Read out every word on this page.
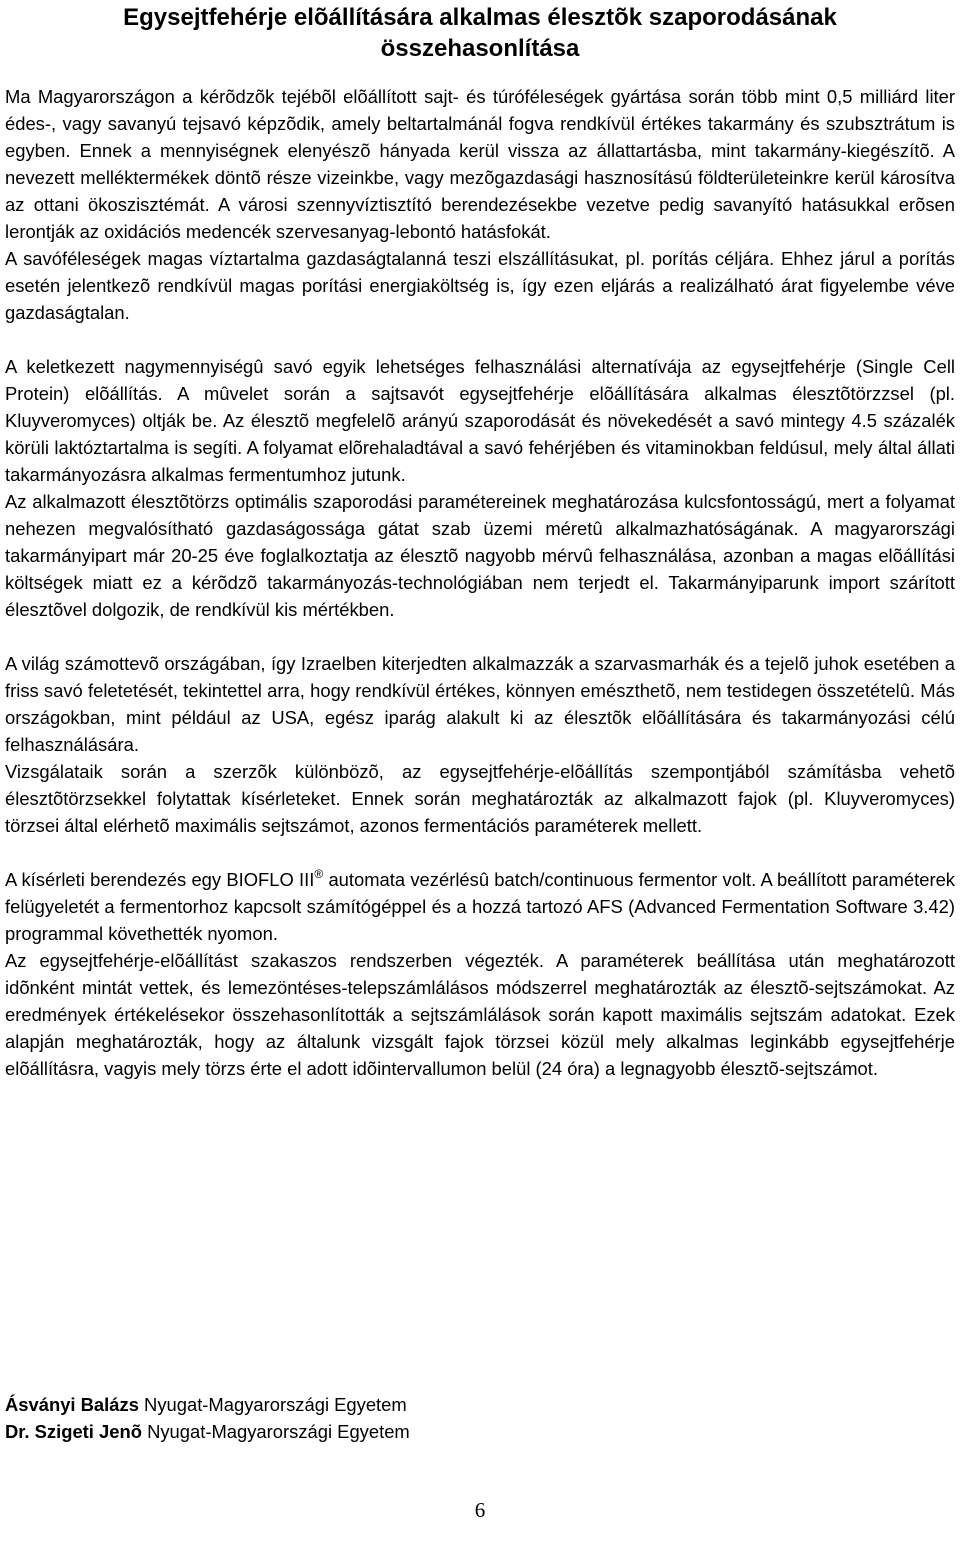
Egysejtfehérje elõállítására alkalmas élesztõk szaporodásának
összehasonlítása

Ma Magyarországon a kérõdzõk tejébõl elõállított sajt- és túróféleségek gyártása során több mint 0,5 milliárd liter édes-, vagy savanyú tejsavó képzõdik, amely beltartalmánál fogva rendkívül értékes takarmány és szubsztrátum is egyben. Ennek a mennyiségnek elenyészõ hányada kerül vissza az állattartásba, mint takarmány-kiegészítõ. A nevezett melléktermékek döntõ része vizeinkbe, vagy mezõgazdasági hasznosítású földterületeinkre kerül károsítva az ottani ökoszisztémát. A városi szennyvíztisztító berendezésekbe vezetve pedig savanyító hatásukkal erõsen lerontják az oxidációs medencék szervesanyag-lebontó hatásfokát.

A savóféleségek magas víztartalma gazdaságtalanná teszi elszállításukat, pl. porítás céljára. Ehhez járul a porítás esetén jelentkezõ rendkívül magas porítási energiaköltség is, így ezen eljárás a realizálható árat figyelembe véve gazdaságtalan.

A keletkezett nagymennyiségû savó egyik lehetséges felhasználási alternatívája az egysejtfehérje (Single Cell Protein) elõállítás. A mûvelet során a sajtsavót egysejtfehérje elõállítására alkalmas élesztõtörzzsel (pl. Kluyveromyces) oltják be. Az élesztõ megfelelõ arányú szaporodását és növekedését a savó mintegy 4.5 százalék körüli laktóztartalma is segíti. A folyamat elõrehaladtával a savó fehérjében és vitaminokban feldúsul, mely által állati takarmányozásra alkalmas fermentumhoz jutunk.

Az alkalmazott élesztõtörzs optimális szaporodási paramétereinek meghatározása kulcsfontosságú, mert a folyamat nehezen megvalósítható gazdaságossága gátat szab üzemi méretû alkalmazhatóságának. A magyarországi takarmányipart már 20-25 éve foglalkoztatja az élesztõ nagyobb mérvû felhasználása, azonban a magas elõállítási költségek miatt ez a kérõdzõ takarmányozás-technológiában nem terjedt el. Takarmányiparunk import szárított élesztõvel dolgozik, de rendkívül kis mértékben.

A világ számottevõ országában, így Izraelben kiterjedten alkalmazzák a szarvasmarhák és a tejelõ juhok esetében a friss savó feletetését, tekintettel arra, hogy rendkívül értékes, könnyen emészthetõ, nem testidegen összetételû. Más országokban, mint például az USA, egész iparág alakult ki az élesztõk elõállítására és takarmányozási célú felhasználására.

Vizsgálataik során a szerzõk különbözõ, az egysejtfehérje-elõállítás szempontjából számításba vehetõ élesztõtörzsekkel folytattak kísérleteket. Ennek során meghatározták az alkalmazott fajok (pl. Kluyveromyces) törzsei által elérhetõ maximális sejtszámot, azonos fermentációs paraméterek mellett.

A kísérleti berendezés egy BIOFLO III® automata vezérlésû batch/continuous fermentor volt. A beállított paraméterek felügyeletét a fermentorhoz kapcsolt számítógéppel és a hozzá tartozó AFS (Advanced Fermentation Software 3.42) programmal követhették nyomon.

Az egysejtfehérje-elõállítást szakaszos rendszerben végezték. A paraméterek beállítása után meghatározott idõnként mintát vettek, és lemezöntéses-telepszámlálásos módszerrel meghatározták az élesztõ-sejtszámokat. Az eredmények értékelésekor összehasonlították a sejtszámlálások során kapott maximális sejtszám adatokat. Ezek alapján meghatározták, hogy az általunk vizsgált fajok törzsei közül mely alkalmas leginkább egysejtfehérje elõállításra, vagyis mely törzs érte el adott idõintervallumon belül (24 óra) a legnagyobb élesztõ-sejtszámot.

Ásványi Balázs Nyugat-Magyarországi Egyetem
Dr. Szigeti Jenõ Nyugat-Magyarországi Egyetem
6
